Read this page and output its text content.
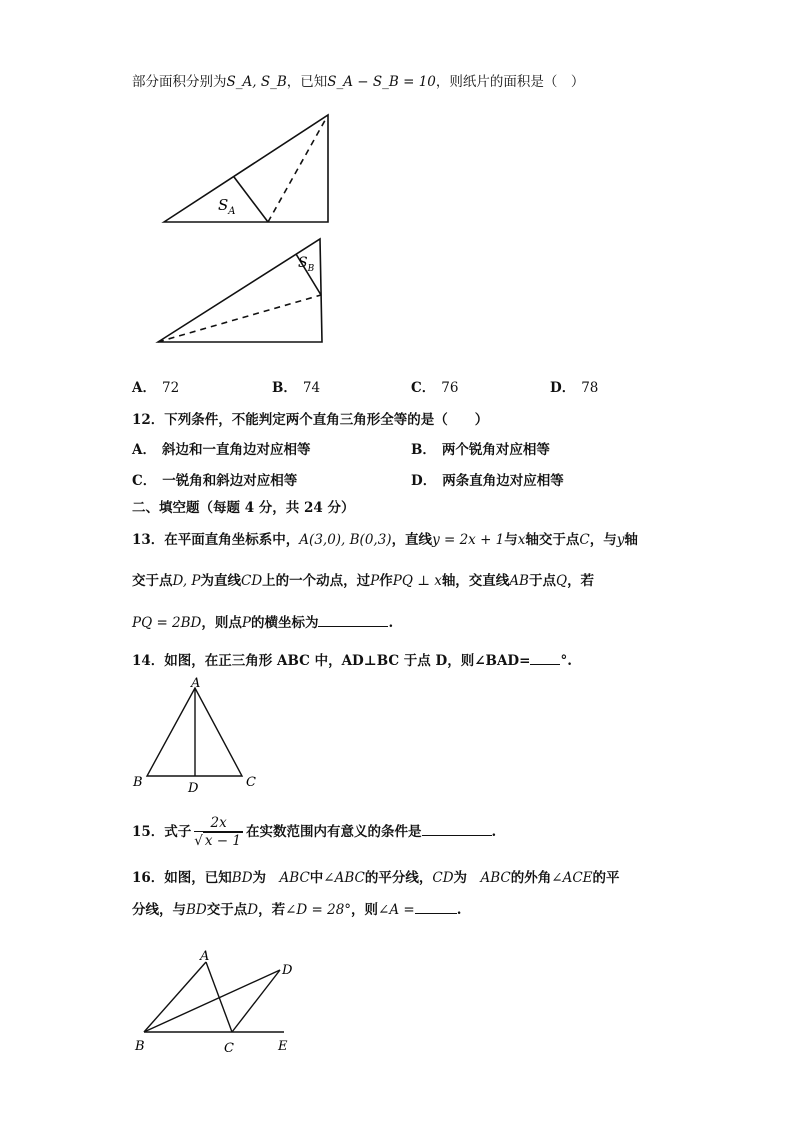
部分面积分别为S_A, S_B，已知S_A − S_B = 10，则纸片的面积是（　）
$S_A$
$S_B$
A． 72	B． 74	C． 76	D． 78
12．下列条件，不能判定两个直角三角形全等的是（　　）
A． 斜边和一直角边对应相等	B． 两个锐角对应相等
C． 一锐角和斜边对应相等	D． 两条直角边对应相等
二、填空题（每题 4 分，共 24 分）
13．在平面直角坐标系中，A(3,0), B(0,3)，直线y = 2x + 1与x轴交于点C，与y轴
交于点D, P为直线CD上的一个动点，过P作PQ ⊥ x轴，交直线AB于点Q，若
PQ = 2BD，则点P的横坐标为	.
14．如图，在正三角形 ABC 中，AD⊥BC 于点 D，则∠BAD= °.
A
B	D	C
15．式子 $\frac{2x}{√ x - 1}$ 在实数范围内有意义的条件是	.
16．如图，已知BD为　 ABC中∠ABC的平分线，CD为　 ABC的外角∠ACE的平
分线，与BD交于点D，若∠D = 28°，则∠A =	.
A
D
B	C	E
